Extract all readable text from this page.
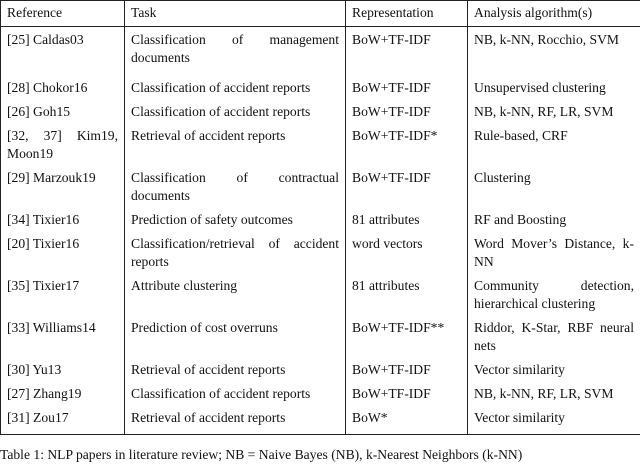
Reference	Task	Representation	Analysis algorithm(s)
[25] Caldas03	Classification of management documents	BoW+TF-IDF	NB, k-NN, Rocchio, SVM
[28] Chokor16	Classification of accident reports	BoW+TF-IDF	Unsupervised clustering
[26] Goh15	Classification of accident reports	BoW+TF-IDF	NB, k-NN, RF, LR, SVM
[32, 37] Kim19, Moon19	Retrieval of accident reports	BoW+TF-IDF*	Rule-based, CRF
[29] Marzouk19	Classification of contractual documents	BoW+TF-IDF	Clustering
[34] Tixier16	Prediction of safety outcomes	81 attributes	RF and Boosting
[20] Tixier16	Classification/retrieval of accident reports	word vectors	Word Mover’s Distance, k-NN
[35] Tixier17	Attribute clustering	81 attributes	Community detection, hierarchical clustering
[33] Williams14	Prediction of cost overruns	BoW+TF-IDF**	Riddor, K-Star, RBF neural nets
[30] Yu13	Retrieval of accident reports	BoW+TF-IDF	Vector similarity
[27] Zhang19	Classification of accident reports	BoW+TF-IDF	NB, k-NN, RF, LR, SVM
[31] Zou17	Retrieval of accident reports	BoW*	Vector similarity
Table 1: NLP papers in literature review; NB = Naive Bayes (NB), k-Nearest Neighbors (k-NN)
